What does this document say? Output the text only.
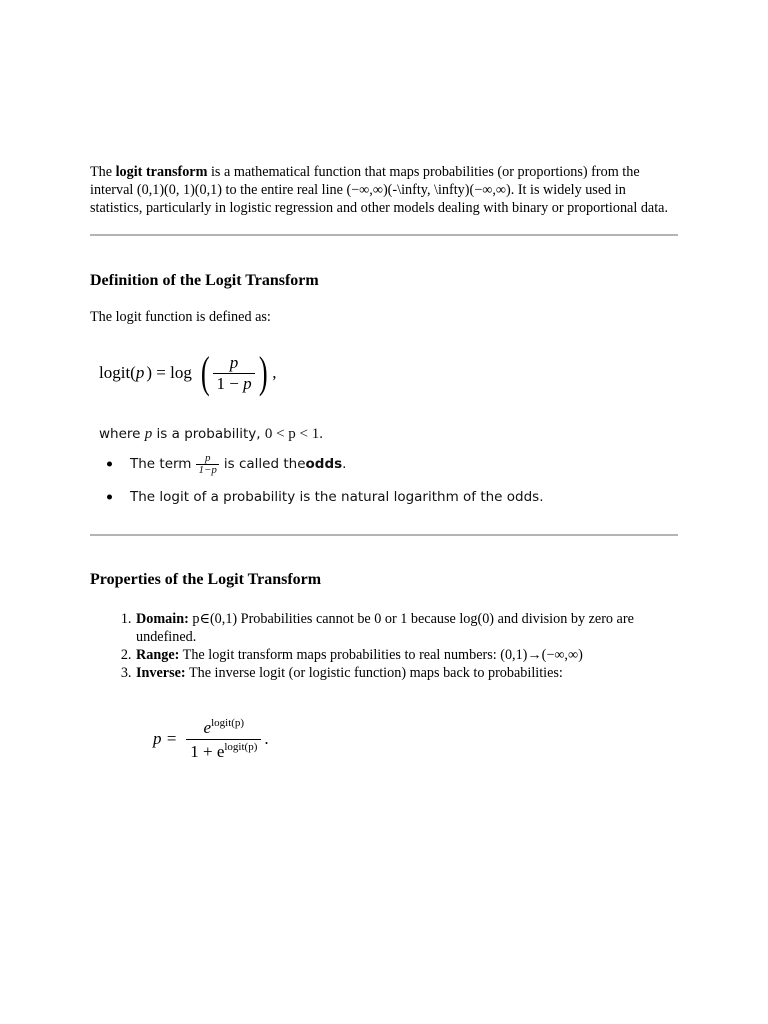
The logit transform is a mathematical function that maps probabilities (or proportions) from the interval (0,1)(0, 1)(0,1) to the entire real line (−∞,∞)(-\infty, \infty)(−∞,∞). It is widely used in statistics, particularly in logistic regression and other models dealing with binary or proportional data.

Definition of the Logit Transform

The logit function is defined as:

logit( p ) = log ( $\frac{p}{1 - p}$ ) ,
where p is a probability, 0 < p < 1.
The term $\frac{p}{1-p}$ is called the odds .
The logit of a probability is the natural logarithm of the odds.
Properties of the Logit Transform
1. Domain: p∈(0,1) Probabilities cannot be 0 or 1 because log(0) and division by zero are undefined.
2. Range: The logit transform maps probabilities to real numbers: (0,1)→(−∞,∞)
3. Inverse: The inverse logit (or logistic function) maps back to probabilities:
$p = \frac{e^{logit(p)}}{1 + e^{logit(p)}}$ .
